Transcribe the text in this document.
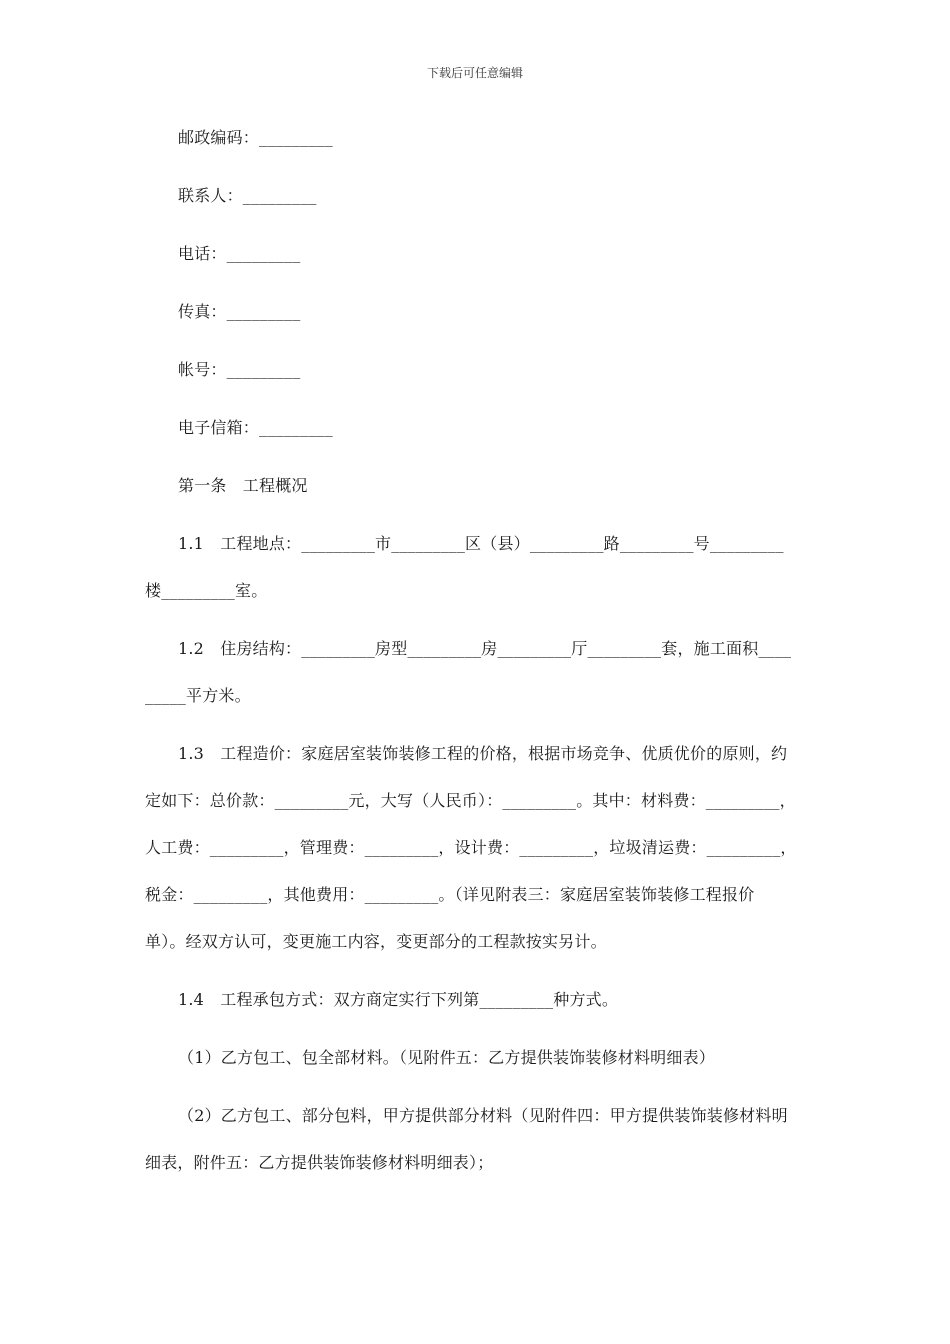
下载后可任意编辑
邮政编码：_________
联系人：_________
电话：_________
传真：_________
帐号：_________
电子信箱：_________
第一条　工程概况
1.1　工程地点：_________市_________区（县）_________路_________号_________
楼_________室。
1.2　住房结构：_________房型_________房_________厅_________套，施工面积____
_____平方米。
1.3　工程造价：家庭居室装饰装修工程的价格，根据市场竞争、优质优价的原则，约
定如下：总价款：_________元，大写（人民币）：_________。其中：材料费：_________，
人工费：_________，管理费：_________，设计费：_________，垃圾清运费：_________，
税金：_________，其他费用：_________。（详见附表三：家庭居室装饰装修工程报价
单）。经双方认可，变更施工内容，变更部分的工程款按实另计。
1.4　工程承包方式：双方商定实行下列第_________种方式。
（1）乙方包工、包全部材料。（见附件五：乙方提供装饰装修材料明细表）
（2）乙方包工、部分包料，甲方提供部分材料（见附件四：甲方提供装饰装修材料明
细表，附件五：乙方提供装饰装修材料明细表）；
